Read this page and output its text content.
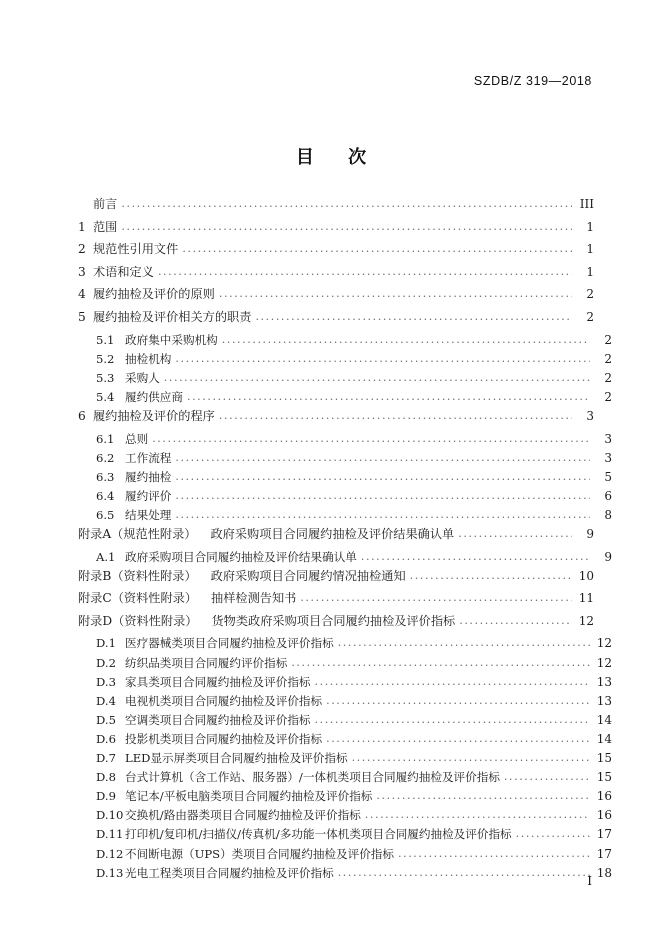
SZDB/Z 319—2018
目 次
前言 .....	III
1 范围 .....	1
2 规范性引用文件 .....	1
3 术语和定义 .....	1
4 履约抽检及评价的原则 .....	2
5 履约抽检及评价相关方的职责 .....	2
5.1 政府集中采购机构 .....	2
5.2 抽检机构 .....	2
5.3 采购人 .....	2
5.4 履约供应商 .....	2
6 履约抽检及评价的程序 .....	3
6.1 总则 .....	3
6.2 工作流程 .....	3
6.3 履约抽检 .....	5
6.4 履约评价 .....	6
6.5 结果处理 .....	8
附录A（规范性附录） 政府采购项目合同履约抽检及评价结果确认单 .....	9
A.1 政府采购项目合同履约抽检及评价结果确认单 .....	9
附录B（资料性附录） 政府采购项目合同履约情况抽检通知 .....	10
附录C（资料性附录） 抽样检测告知书 .....	11
附录D（资料性附录） 货物类政府采购项目合同履约抽检及评价指标 .....	12
D.1 医疗器械类项目合同履约抽检及评价指标 .....	12
D.2 纺织品类项目合同履约评价指标 .....	12
D.3 家具类项目合同履约抽检及评价指标 .....	13
D.4 电视机类项目合同履约抽检及评价指标 .....	13
D.5 空调类项目合同履约抽检及评价指标 .....	14
D.6 投影机类项目合同履约抽检及评价指标 .....	14
D.7 LED显示屏类项目合同履约抽检及评价指标 .....	15
D.8 台式计算机（含工作站、服务器）/一体机类项目合同履约抽检及评价指标 .....	15
D.9 笔记本/平板电脑类项目合同履约抽检及评价指标 .....	16
D.10 交换机/路由器类项目合同履约抽检及评价指标 .....	16
D.11 打印机/复印机/扫描仪/传真机/多功能一体机类项目合同履约抽检及评价指标 .....	17
D.12 不间断电源（UPS）类项目合同履约抽检及评价指标 .....	17
D.13 光电工程类项目合同履约抽检及评价指标 .....	18
I
